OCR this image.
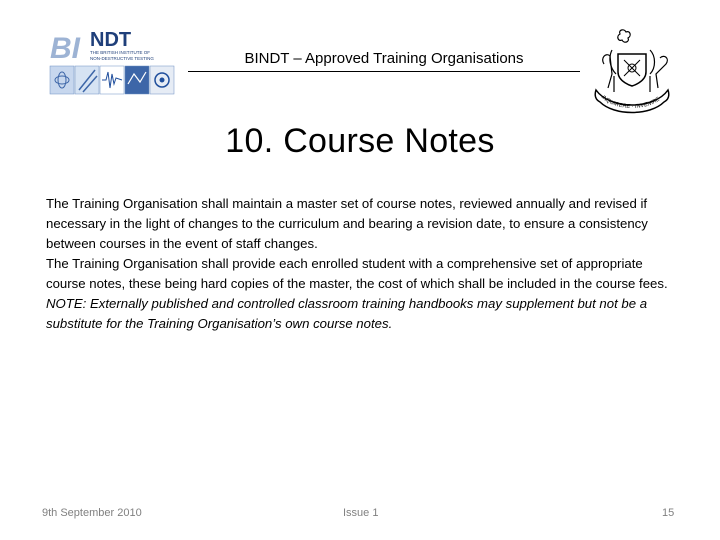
BI NDT
THE BRITISH INSTITUTE OF
NON-DESTRUCTIVE TESTING	BINDT – Approved Training Organisations
INQUIRERE · INVENIRE ·
10. Course Notes

The Training Organisation shall maintain a master set of course notes, reviewed annually and revised if necessary in the light of changes to the curriculum and bearing a revision date, to ensure a consistency between courses in the event of staff changes.

The Training Organisation shall provide each enrolled student with a comprehensive set of appropriate course notes, these being hard copies of the master, the cost of which shall be included in the course fees.

NOTE: Externally published and controlled classroom training handbooks may supplement but not be a substitute for the Training Organisation’s own course notes.

9th September 2010	Issue 1	15
